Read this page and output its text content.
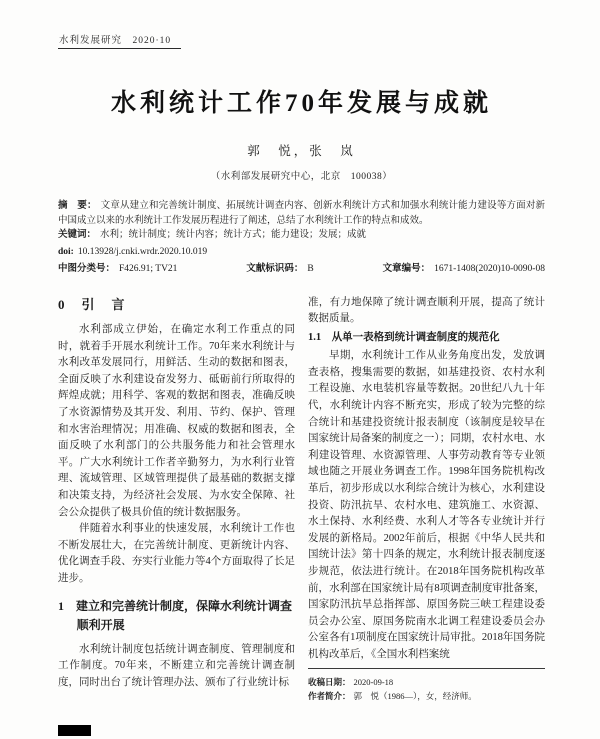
水利发展研究　2020·10
水利统计工作70年发展与成就
郭　悦，张　岚
（水利部发展研究中心，北京　100038）

摘　要： 文章从建立和完善统计制度、拓展统计调查内容、创新水利统计方式和加强水利统计能力建设等方面对新中国成立以来的水利统计工作发展历程进行了阐述，总结了水利统计工作的特点和成效。

关键词： 水利；统计制度；统计内容；统计方式；能力建设；发展；成就

doi: 10.13928/j.cnki.wrdr.2020.10.019

中图分类号： F426.91; TV21	文献标识码： B	文章编号： 1671-1408(2020)10-0090-08
0　引　言

水利部成立伊始，在确定水利工作重点的同时，就着手开展水利统计工作。70年来水利统计与水利改革发展同行，用鲜活、生动的数据和图表，全面反映了水利建设奋发努力、砥砺前行所取得的辉煌成就；用科学、客观的数据和图表，准确反映了水资源情势及其开发、利用、节约、保护、管理和水害治理情况；用准确、权威的数据和图表，全面反映了水利部门的公共服务能力和社会管理水平。广大水利统计工作者辛勤努力，为水利行业管理、流域管理、区域管理提供了最基础的数据支撑和决策支持，为经济社会发展、为水安全保障、社会公众提供了极具价值的统计数据服务。

伴随着水利事业的快速发展，水利统计工作也不断发展壮大，在完善统计制度、更新统计内容、优化调查手段、夯实行业能力等4个方面取得了长足进步。

1　建立和完善统计制度，保障水利统计调查顺利开展

水利统计制度包括统计调查制度、管理制度和工作制度。70年来，不断建立和完善统计调查制度，同时出台了统计管理办法、颁布了行业统计标

准，有力地保障了统计调查顺利开展，提高了统计数据质量。

1.1　从单一表格到统计调查制度的规范化

早期，水利统计工作从业务角度出发，发放调查表格，搜集需要的数据，如基建投资、农村水利工程设施、水电装机容量等数据。20世纪八九十年代，水利统计内容不断充实，形成了较为完整的综合统计和基建投资统计报表制度（该制度是较早在国家统计局备案的制度之一）；同期，农村水电、水利建设管理、水资源管理、人事劳动教育等专业领域也随之开展业务调查工作。1998年国务院机构改革后，初步形成以水利综合统计为核心，水利建设投资、防汛抗旱、农村水电、建筑施工、水资源、水土保持、水利经费、水利人才等各专业统计并行发展的新格局。2002年前后，根据《中华人民共和国统计法》第十四条的规定，水利统计报表制度逐步规范，依法进行统计。在2018年国务院机构改革前，水利部在国家统计局有8项调查制度审批备案，国家防汛抗旱总指挥部、原国务院三峡工程建设委员会办公室、原国务院南水北调工程建设委员会办公室各有1项制度在国家统计局审批。2018年国务院机构改革后，《全国水利档案统

收稿日期： 2020-09-18
作者简介： 郭　悦（1986—），女，经济师。
